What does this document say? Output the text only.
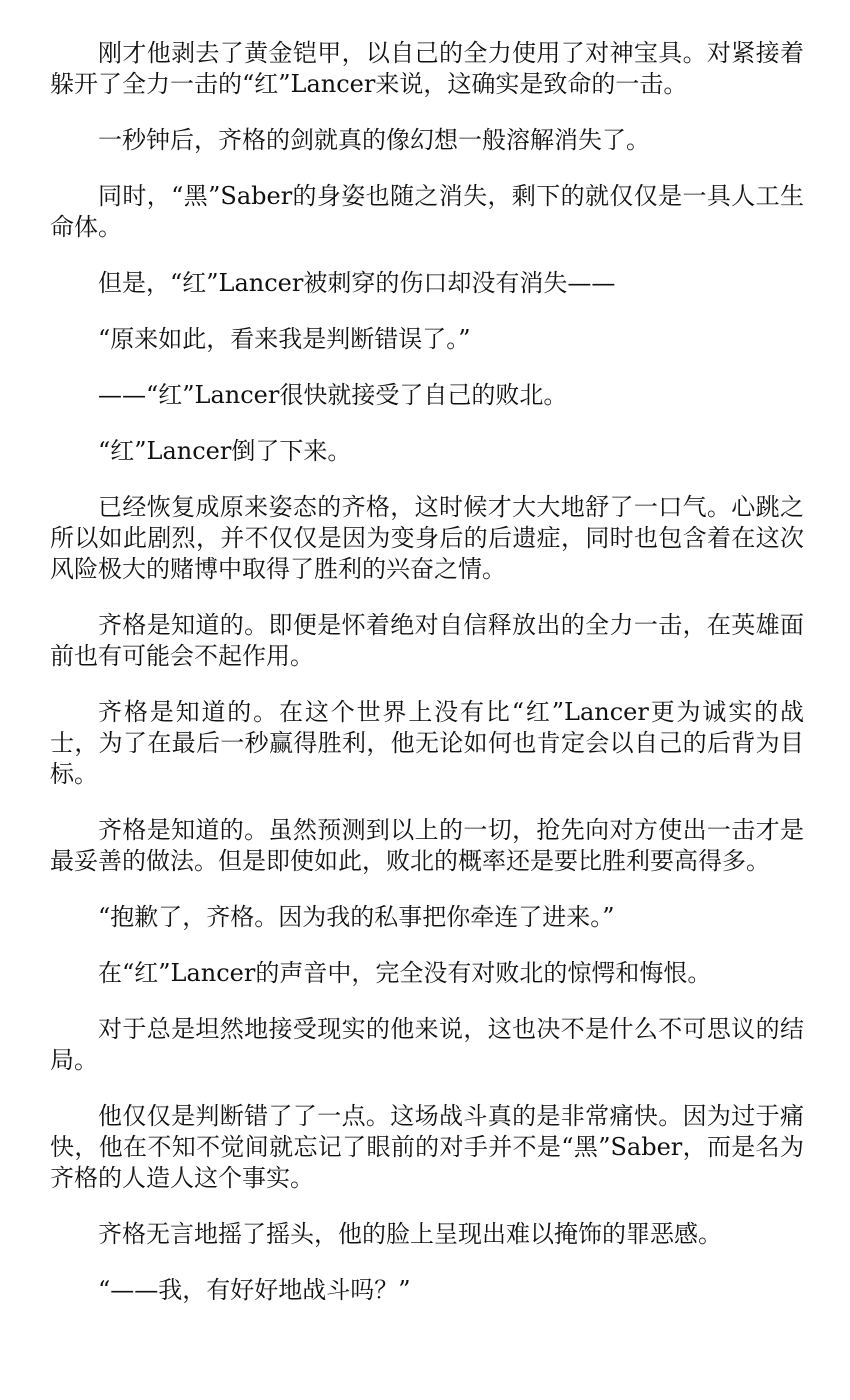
刚才他剥去了黄金铠甲，以自己的全力使用了对神宝具。对紧接着躲开了全力一击的“红”Lancer来说，这确实是致命的一击。

一秒钟后，齐格的剑就真的像幻想一般溶解消失了。

同时，“黑”Saber的身姿也随之消失，剩下的就仅仅是一具人工生命体。

但是，“红”Lancer被刺穿的伤口却没有消失——

“原来如此，看来我是判断错误了。”

——“红”Lancer很快就接受了自己的败北。

“红”Lancer倒了下来。

已经恢复成原来姿态的齐格，这时候才大大地舒了一口气。心跳之所以如此剧烈，并不仅仅是因为变身后的后遗症，同时也包含着在这次风险极大的赌博中取得了胜利的兴奋之情。

齐格是知道的。即便是怀着绝对自信释放出的全力一击，在英雄面前也有可能会不起作用。

齐格是知道的。在这个世界上没有比“红”Lancer更为诚实的战士，为了在最后一秒赢得胜利，他无论如何也肯定会以自己的后背为目标。

齐格是知道的。虽然预测到以上的一切，抢先向对方使出一击才是最妥善的做法。但是即使如此，败北的概率还是要比胜利要高得多。

“抱歉了，齐格。因为我的私事把你牵连了进来。”

在“红”Lancer的声音中，完全没有对败北的惊愕和悔恨。

对于总是坦然地接受现实的他来说，这也决不是什么不可思议的结局。

他仅仅是判断错了了一点。这场战斗真的是非常痛快。因为过于痛快，他在不知不觉间就忘记了眼前的对手并不是“黑”Saber，而是名为齐格的人造人这个事实。

齐格无言地摇了摇头，他的脸上呈现出难以掩饰的罪恶感。

“——我，有好好地战斗吗？”
